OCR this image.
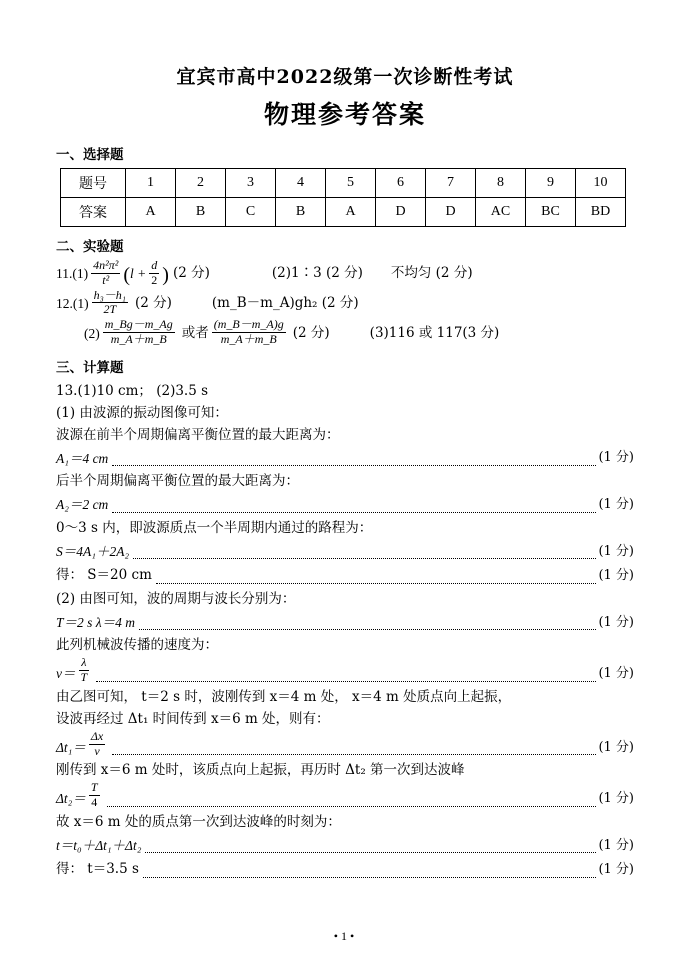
宜宾市高中2022级第一次诊断性考试
物理参考答案
一、选择题
题号	1	2	3	4	5	6	7	8	9	10
答案	A	B	C	B	A	D	D	AC	BC	BD
二、实验题
$11.(1) \frac{\text{4n²π²}}{\text{t²}}$ ( $l + \frac{d}{2}$ ) (2 分)	(2)1∶3 (2 分) 不均匀 (2 分)
$12.(1) \frac{\text{h₃－h₁}}{2T} (2$ 分)	(m_B－m_A)gh₂ (2 分)
$(2) \frac{m\_Bg-m\_Ag}{m\_A+m\_B}$ 或者 $\frac{(m\_B-m\_A)g}{m\_A+m\_B} (2$ 分)	(3)116 或 117(3 分)
三、计算题
13.(1)10 cm； (2)3.5 s
(1) 由波源的振动图像可知：
波源在前半个周期偏离平衡位置的最大距离为：
A₁＝4 cm	(1 分)
后半个周期偏离平衡位置的最大距离为：
A₂＝2 cm	(1 分)
0～3 s 内，即波源质点一个半周期内通过的路程为：
S＝4A₁＋2A₂	(1 分)
得： S＝20 cm	(1 分)
(2) 由图可知，波的周期与波长分别为：
T＝2 s λ＝4 m	(1 分)
此列机械波传播的速度为：
$v= \frac{\lambda}{T}$	(1 分)
由乙图可知， t＝2 s 时，波刚传到 x＝4 m 处， x＝4 m 处质点向上起振，
设波再经过 Δt₁ 时间传到 x＝6 m 处，则有：
$\Delta t_1= \frac{\Delta x}{v}$	(1 分)
刚传到 x＝6 m 处时，该质点向上起振，再历时 Δt₂ 第一次到达波峰
$\Delta t_2= \frac{T}{4}$	(1 分)
故 x＝6 m 处的质点第一次到达波峰的时刻为：
t＝t₀＋Δt₁＋Δt₂	(1 分)
得： t＝3.5 s	(1 分)
• 1 •
